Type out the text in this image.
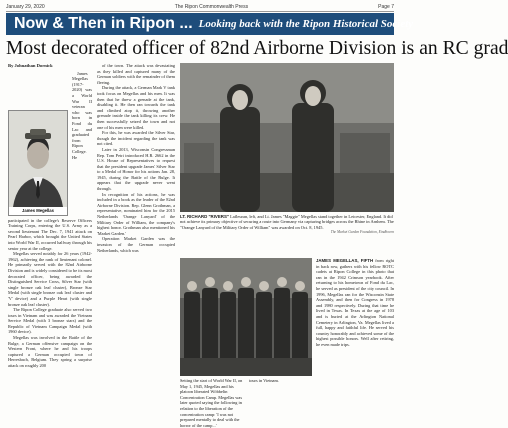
January 29, 2020	The Ripon Commonwealth Press	Page 7
Now & Then in Ripon ... Looking back with the Ripon Historical Society
Most decorated officer of 82nd Airborne Division is an RC grad
By Johnathan Dornick
James Megellas

James Megellas (1917-2020) was a World War II veteran who was born in Fond du Lac and graduated from Ripon College. He participated in the college's Reserve Officers Training Corps, entering the U.S. Army as a second lieutenant The Dec. 7, 1941 attack on Pearl Harbor, which brought the United States into World War II, occurred halfway through his senior year at the college.

Megellas served notably for 26 years (1942-1962), achieving the rank of lieutenant colonel. He primarily served with the 82nd Airborne Division and is widely considered to be its most decorated officer, being awarded the Distinguished Service Cross, Silver Star (with single bronze oak leaf cluster), Bronze Star Medal (with single bronze oak leaf cluster and 'V' device) and a Purple Heart (with single bronze oak leaf cluster).

The Ripon College graduate also served two tours in Vietnam and was awarded the Vietnam Service Medal (with 3 bronze stars) and the Republic of Vietnam Campaign Medal (with 1960 device).

Megellas was involved in the Battle of the Bulge, a German offensive campaign on the Western Front, where he and his troops captured a German occupied town of Herresbach, Belgium. They spring a surprise attack on roughly 200

of the town. The attack was devastating as they killed and captured many of the German soldiers with the remainder of them fleeing.

During the attack, a German Mark V tank took focus on Megellas and his men. It was then that he threw a grenade at the tank, disabling it. He then ran towards the tank and climbed atop it, throwing another grenade inside the tank killing its crew. He then successfully seized the town and not one of his men were killed.

For this, he was awarded the Silver Star, though the incident regarding the tank was not cited.

Later in 2013, Wisconsin Congressman Rep. Tom Petri introduced H.R. 2662 in the U.S. House of Representatives to request that the president upgrade James' Silver Star to a Medal of Honor for his actions Jan. 28, 1945, during the Battle of the Bulge. It appears that the upgrade never went through.

In recognition of his actions, he was included in a book as the leader of the 82nd Airborne Division. Rep. Glenn Grothman, a representative, nominated him for the 2015 Netherlands 'Orange Lanyard' of the Military Order of William, the company's highest honor. Grothman also mentioned his 'Market Garden.'

Operation Market Garden was the invasion of the German occupied Netherlands, which was

LT. RICHARD "RIVERS" Lafleuran, left, and Lt. James "Maggie" Megellas stand together in Leicester, England. It did not achieve its primary objective of securing a route into Germany via capturing bridges across the Rhine in Arnhem. The "Orange Lanyard of the Military Order of William" was awarded on Oct. 8, 1945.
The Market Garden Foundation, Eindhoven
JAMES MEGELLAS, FIFTH from right in back row, gathers with his fellow ROTC cadets at Ripon College in this photo that ran in the 1942 Crimson yearbook. After returning to his hometown of Fond du Lac, he served as president of the city council. In 1996, Megellas ran for the Wisconsin State Assembly, and then for Congress in 1978 and 1980 respectively. During that time he lived in Texas. In Texas at the age of 103 and is buried at the Arlington National Cemetery in Arlington, Va. Megellas lived a full, happy and faithful life. He served his country honorably and achieved some of the highest possible honors. Well after retiring, he even made trips.
Setting the start of World War II, on May 1, 1945, Megellas and his platoon liberated Wöbbelin Concentration Camp. Megellas was later quoted saying the following in relation to the liberation of the concentration camp: 'I was not prepared mentally to deal with the horror of the camp...'
tours in Vietnam.
